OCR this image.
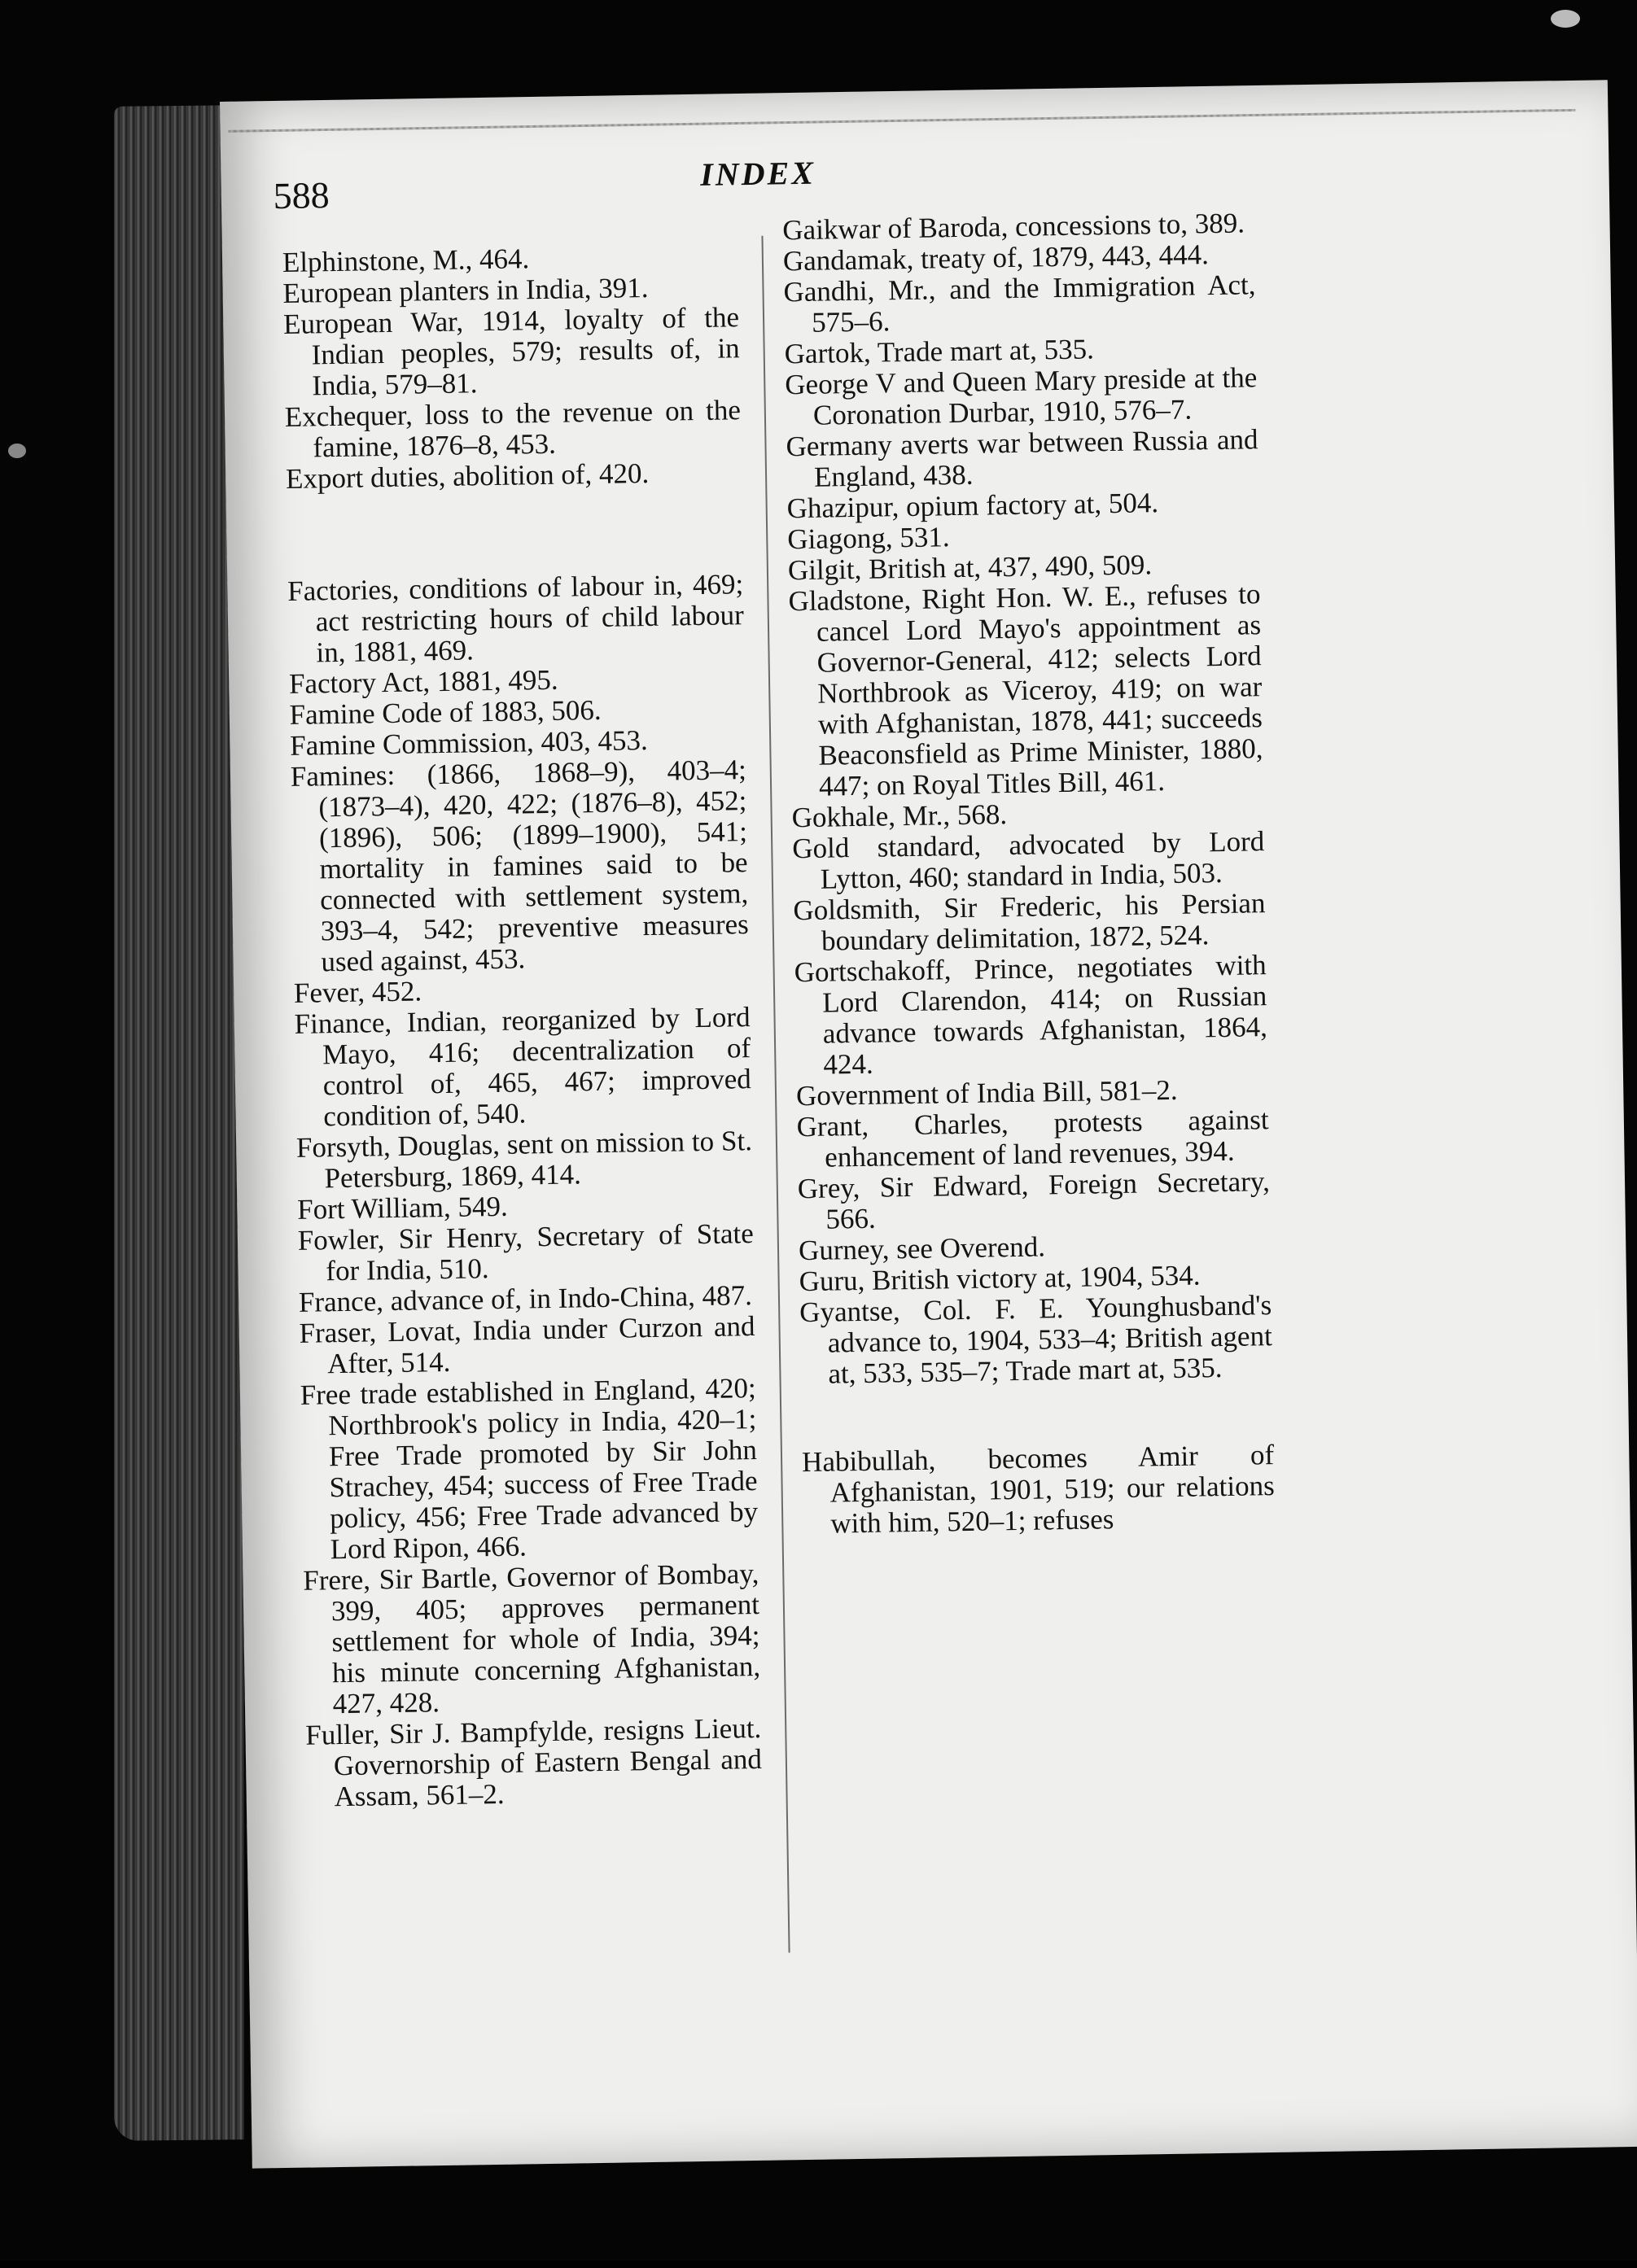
588
INDEX

Elphinstone, M., 464.

European planters in India, 391.

European War, 1914, loyalty of the Indian peoples, 579; results of, in India, 579–81.

Exchequer, loss to the revenue on the famine, 1876–8, 453.

Export duties, abolition of, 420.

Factories, conditions of labour in, 469; act restricting hours of child labour in, 1881, 469.

Factory Act, 1881, 495.

Famine Code of 1883, 506.

Famine Commission, 403, 453.

Famines: (1866, 1868–9), 403–4; (1873–4), 420, 422; (1876–8), 452; (1896), 506; (1899–1900), 541; mortality in famines said to be connected with settlement system, 393–4, 542; preventive measures used against, 453.

Fever, 452.

Finance, Indian, reorganized by Lord Mayo, 416; decentralization of control of, 465, 467; improved condition of, 540.

Forsyth, Douglas, sent on mission to St. Petersburg, 1869, 414.

Fort William, 549.

Fowler, Sir Henry, Secretary of State for India, 510.

France, advance of, in Indo-China, 487.

Fraser, Lovat, India under Curzon and After, 514.

Free trade established in England, 420; Northbrook's policy in India, 420–1; Free Trade promoted by Sir John Strachey, 454; success of Free Trade policy, 456; Free Trade advanced by Lord Ripon, 466.

Frere, Sir Bartle, Governor of Bombay, 399, 405; approves permanent settlement for whole of India, 394; his minute concerning Afghanistan, 427, 428.

Fuller, Sir J. Bampfylde, resigns Lieut. Governorship of Eastern Bengal and Assam, 561–2.

Gaikwar of Baroda, concessions to, 389.

Gandamak, treaty of, 1879, 443, 444.

Gandhi, Mr., and the Immigration Act, 575–6.

Gartok, Trade mart at, 535.

George V and Queen Mary preside at the Coronation Durbar, 1910, 576–7.

Germany averts war between Russia and England, 438.

Ghazipur, opium factory at, 504.

Giagong, 531.

Gilgit, British at, 437, 490, 509.

Gladstone, Right Hon. W. E., refuses to cancel Lord Mayo's appointment as Governor-General, 412; selects Lord Northbrook as Viceroy, 419; on war with Afghanistan, 1878, 441; succeeds Beaconsfield as Prime Minister, 1880, 447; on Royal Titles Bill, 461.

Gokhale, Mr., 568.

Gold standard, advocated by Lord Lytton, 460; standard in India, 503.

Goldsmith, Sir Frederic, his Persian boundary delimitation, 1872, 524.

Gortschakoff, Prince, negotiates with Lord Clarendon, 414; on Russian advance towards Afghanistan, 1864, 424.

Government of India Bill, 581–2.

Grant, Charles, protests against enhancement of land revenues, 394.

Grey, Sir Edward, Foreign Secretary, 566.

Gurney, see Overend.

Guru, British victory at, 1904, 534.

Gyantse, Col. F. E. Younghusband's advance to, 1904, 533–4; British agent at, 533, 535–7; Trade mart at, 535.

Habibullah, becomes Amir of Afghanistan, 1901, 519; our relations with him, 520–1; refuses
